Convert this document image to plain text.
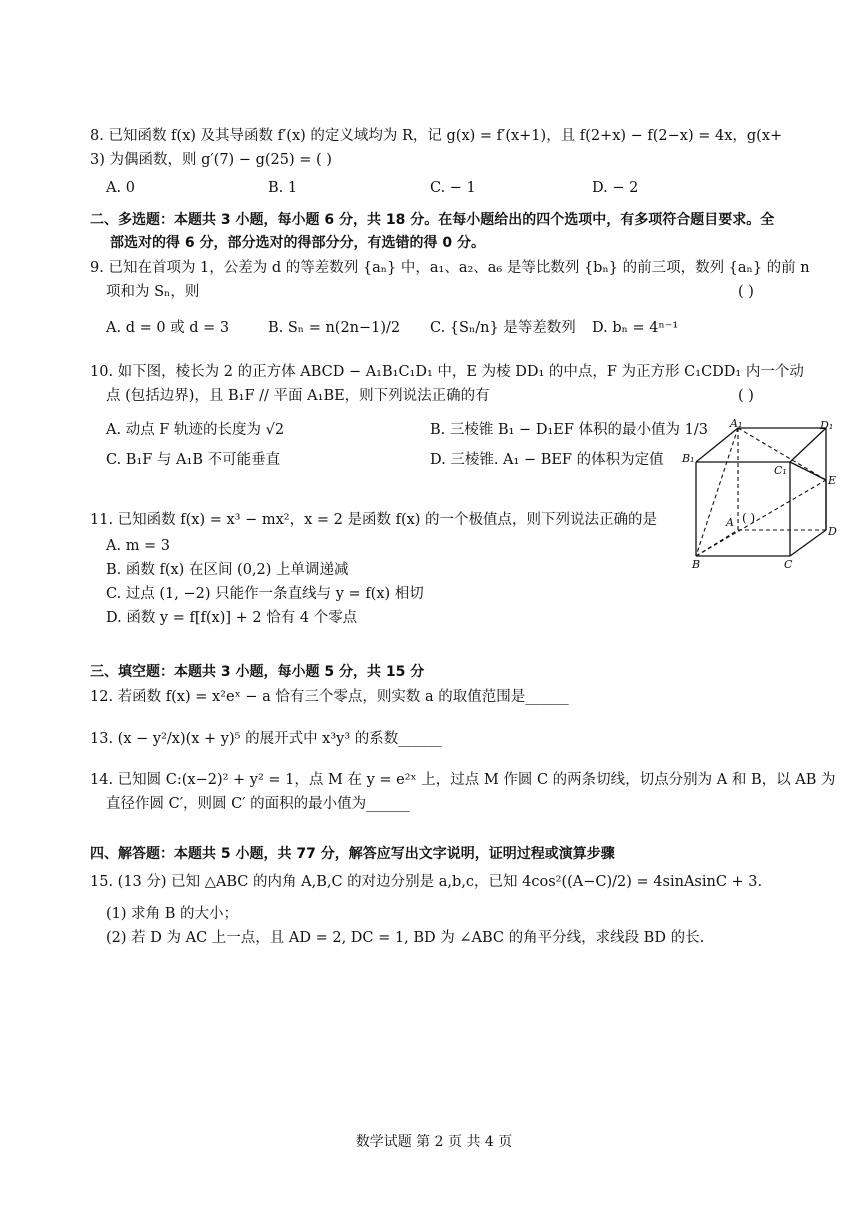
8. 已知函数 f(x) 及其导函数 f′(x) 的定义域均为 R，记 g(x) = f′(x+1)，且 f(2+x) − f(2−x) = 4x，g(x+
3) 为偶函数，则 g′(7) − g(25) = ( )
A. 0	B. 1	C. − 1	D. − 2
二、多选题：本题共 3 小题，每小题 6 分，共 18 分。在每小题给出的四个选项中，有多项符合题目要求。全
部选对的得 6 分，部分选对的得部分分，有选错的得 0 分。
9. 已知在首项为 1，公差为 d 的等差数列 {aₙ} 中，a₁、a₂、a₆ 是等比数列 {bₙ} 的前三项，数列 {aₙ} 的前 n
项和为 Sₙ，则	( )
A. d = 0 或 d = 3	B. Sₙ = n(2n−1)/2 C. {Sₙ/n} 是等差数列 D. bₙ = 4ⁿ⁻¹
10. 如下图，棱长为 2 的正方体 ABCD − A₁B₁C₁D₁ 中，E 为棱 DD₁ 的中点，F 为正方形 C₁CDD₁ 内一个动
点 (包括边界)，且 B₁F // 平面 A₁BE，则下列说法正确的有	( )
A. 动点 F 轨迹的长度为 √2	B. 三棱锥 B₁ − D₁EF 体积的最小值为 1/3
C. B₁F 与 A₁B 不可能垂直	D. 三棱锥. A₁ − BEF 的体积为定值
A₁	D₁
B₁
C₁
E
A
D
B	C
( )
11. 已知函数 f(x) = x³ − mx²，x = 2 是函数 f(x) 的一个极值点，则下列说法正确的是
A. m = 3
B. 函数 f(x) 在区间 (0,2) 上单调递减
C. 过点 (1, −2) 只能作一条直线与 y = f(x) 相切
D. 函数 y = f[f(x)] + 2 恰有 4 个零点
三、填空题：本题共 3 小题，每小题 5 分，共 15 分
12. 若函数 f(x) = x²eˣ − a 恰有三个零点，则实数 a 的取值范围是______
13. (x − y²/x)(x + y)⁵ 的展开式中 x³y³ 的系数______
14. 已知圆 C:(x−2)² + y² = 1，点 M 在 y = e²ˣ 上，过点 M 作圆 C 的两条切线，切点分别为 A 和 B，以 AB 为
直径作圆 C′，则圆 C′ 的面积的最小值为______
四、解答题：本题共 5 小题，共 77 分，解答应写出文字说明，证明过程或演算步骤
15. (13 分) 已知 △ABC 的内角 A,B,C 的对边分别是 a,b,c，已知 4cos²((A−C)/2) = 4sinAsinC + 3.
(1) 求角 B 的大小；
(2) 若 D 为 AC 上一点，且 AD = 2, DC = 1, BD 为 ∠ABC 的角平分线，求线段 BD 的长.
数学试题 第 2 页 共 4 页
